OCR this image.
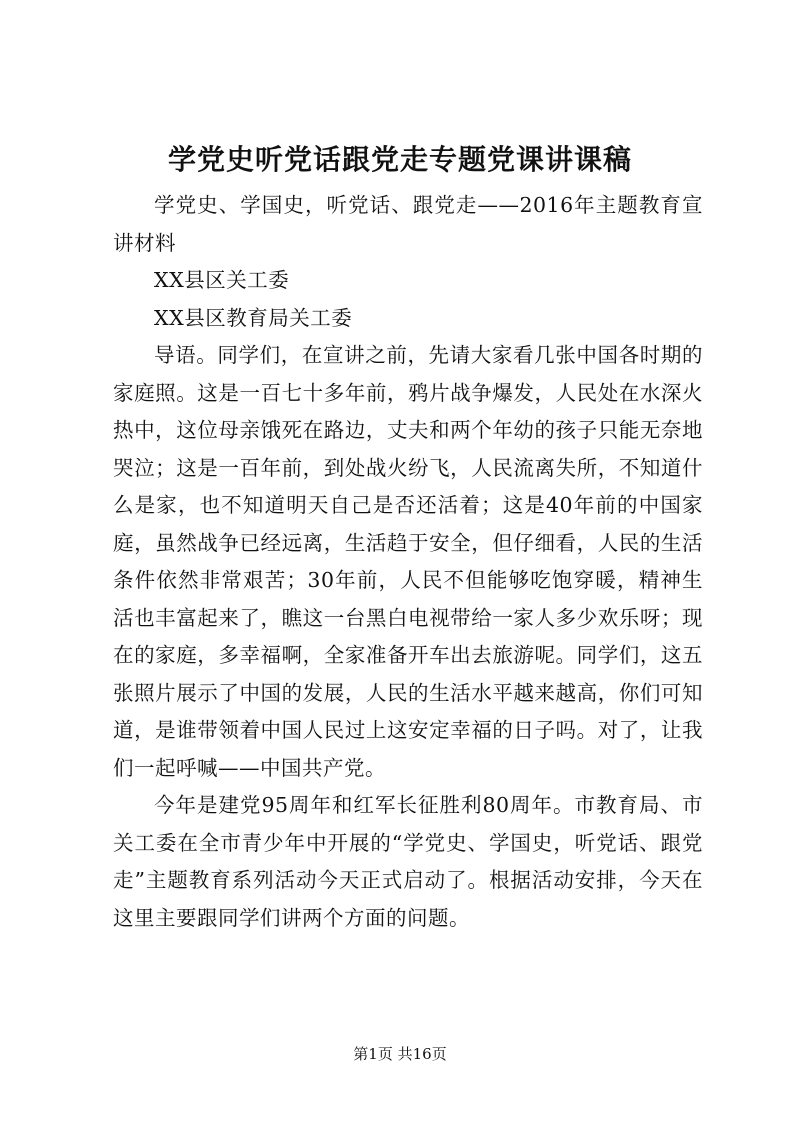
学党史听党话跟党走专题党课讲课稿

学党史、学国史，听党话、跟党走——2016年主题教育宣讲材料

XX县区关工委

XX县区教育局关工委

导语。同学们，在宣讲之前，先请大家看几张中国各时期的家庭照。这是一百七十多年前，鸦片战争爆发，人民处在水深火热中，这位母亲饿死在路边，丈夫和两个年幼的孩子只能无奈地哭泣；这是一百年前，到处战火纷飞，人民流离失所，不知道什么是家，也不知道明天自己是否还活着；这是40年前的中国家庭，虽然战争已经远离，生活趋于安全，但仔细看，人民的生活条件依然非常艰苦；30年前，人民不但能够吃饱穿暖，精神生活也丰富起来了，瞧这一台黑白电视带给一家人多少欢乐呀；现在的家庭，多幸福啊，全家准备开车出去旅游呢。同学们，这五张照片展示了中国的发展，人民的生活水平越来越高，你们可知道，是谁带领着中国人民过上这安定幸福的日子吗。对了，让我们一起呼喊——中国共产党。

今年是建党95周年和红军长征胜利80周年。市教育局、市关工委在全市青少年中开展的“学党史、学国史，听党话、跟党走”主题教育系列活动今天正式启动了。根据活动安排，今天在这里主要跟同学们讲两个方面的问题。

第1页 共16页
